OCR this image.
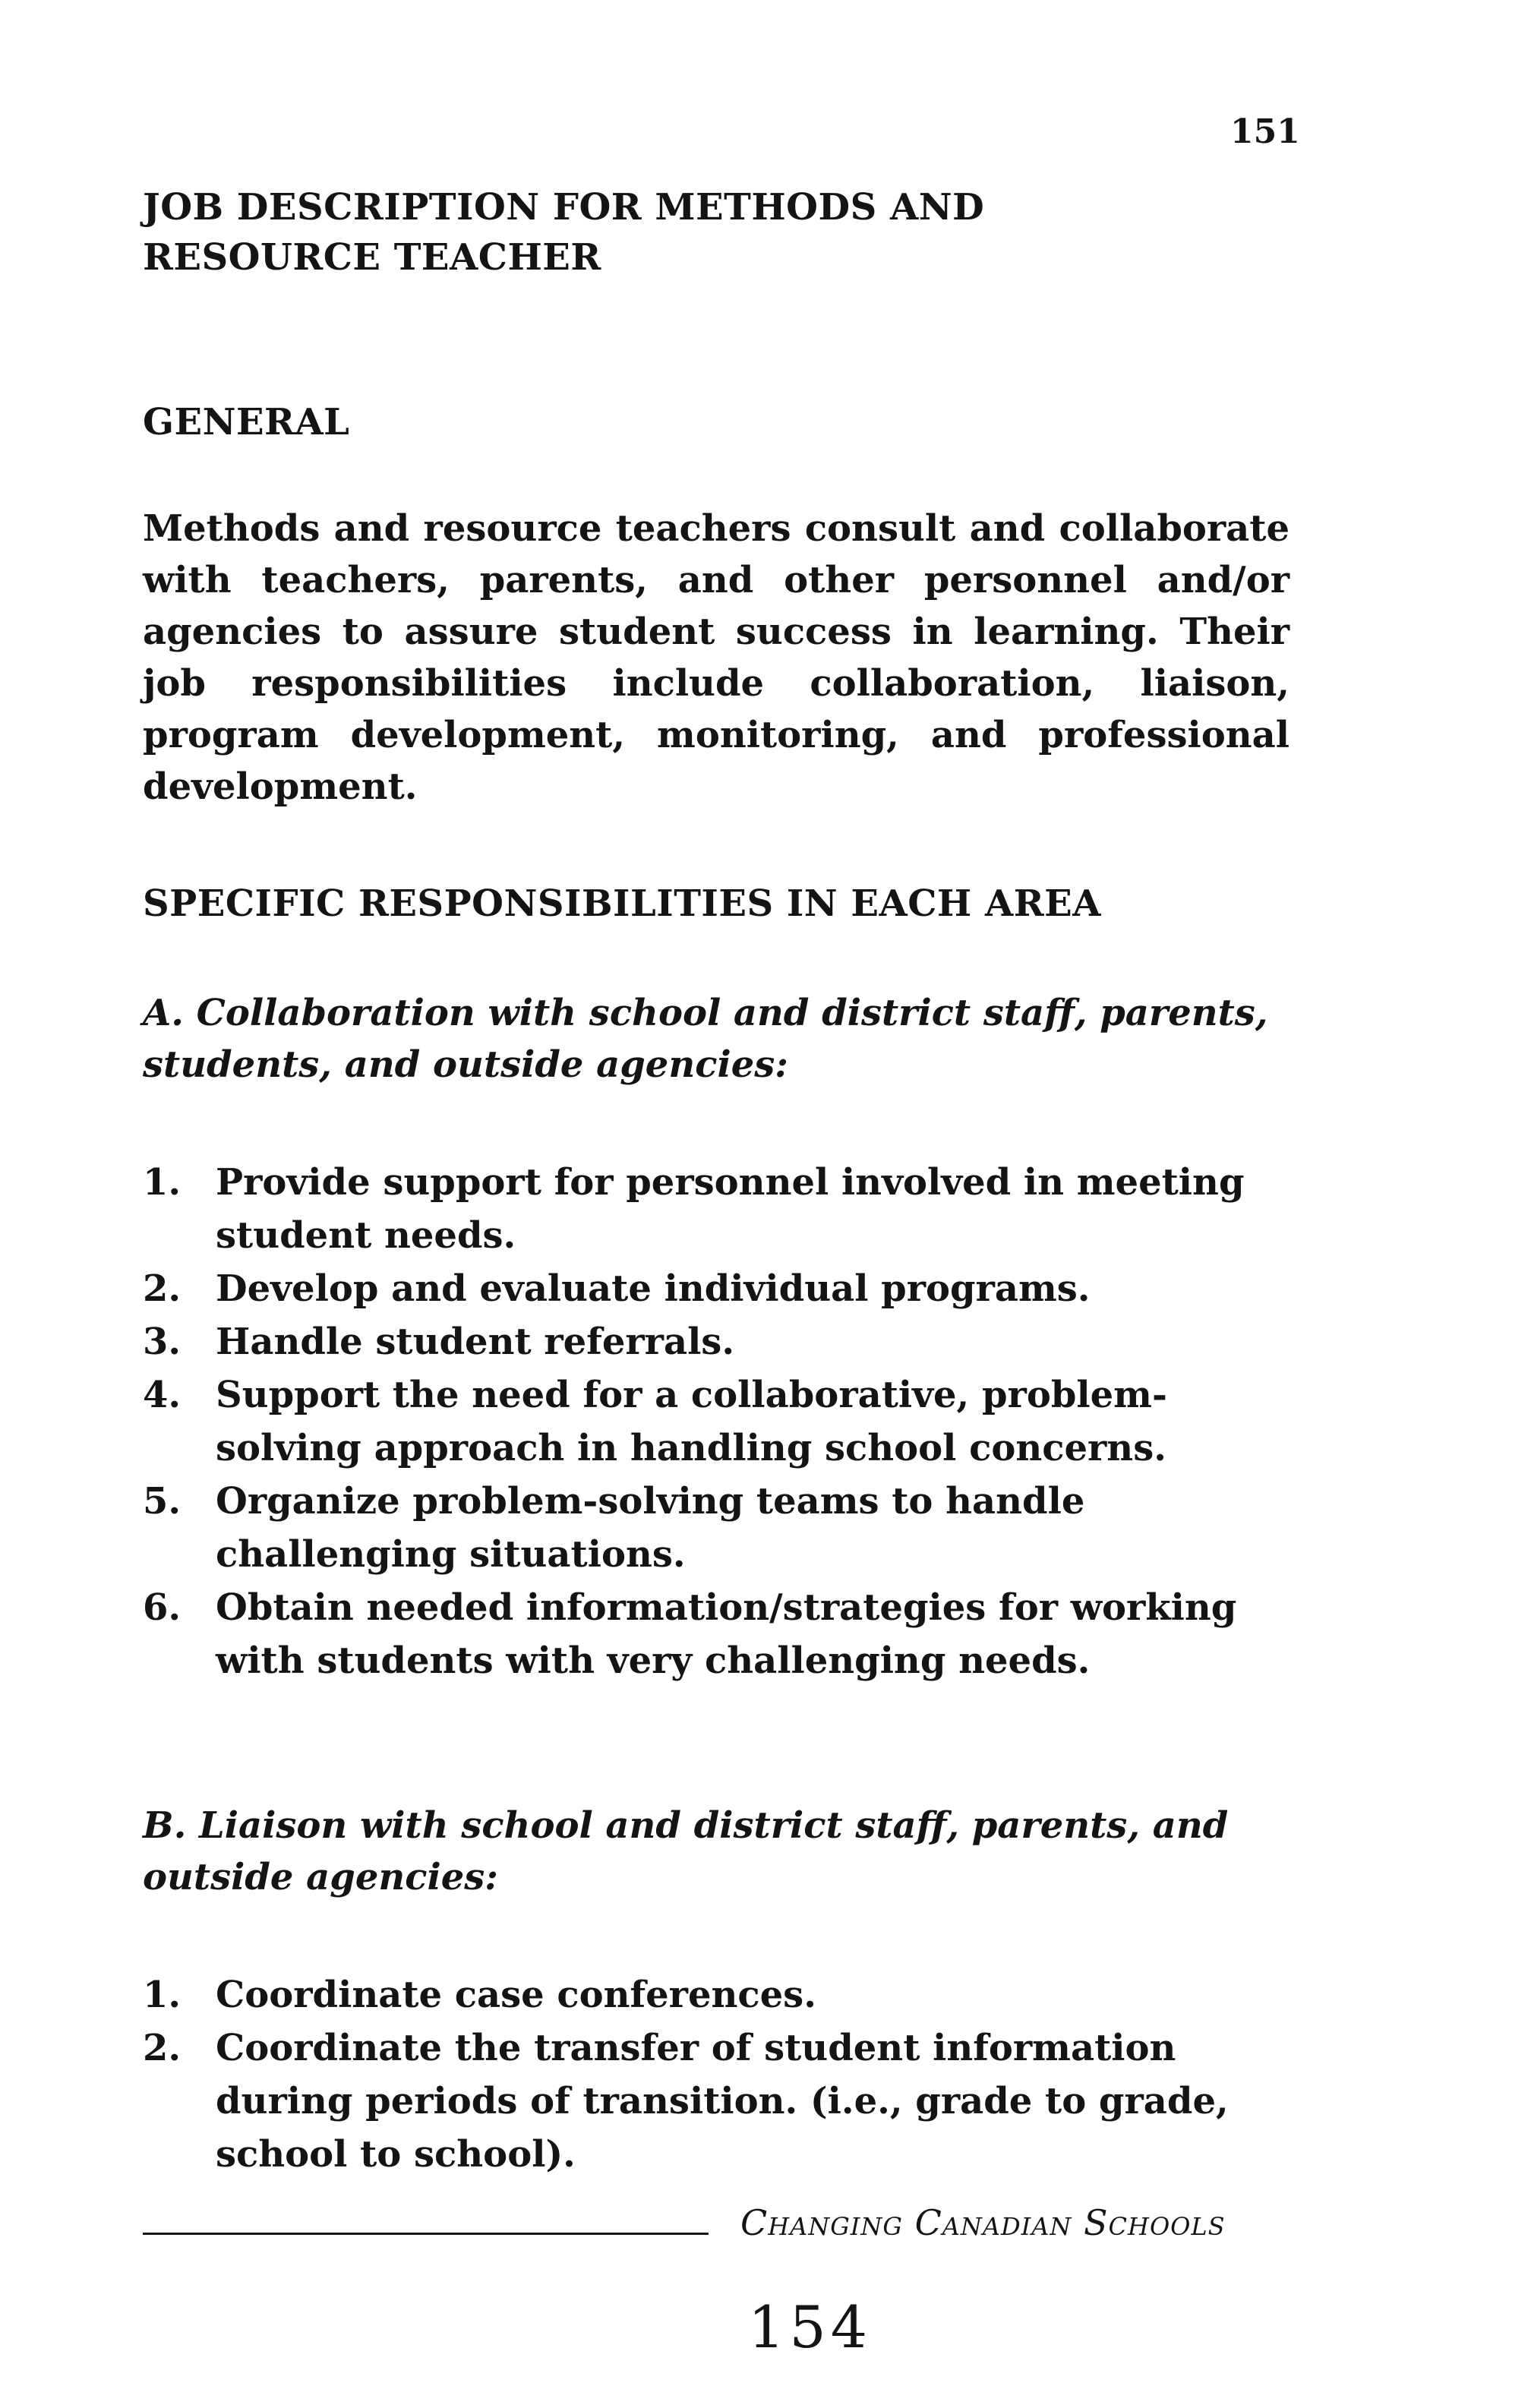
151
JOB DESCRIPTION FOR METHODS AND
RESOURCE TEACHER
GENERAL
Methods and resource teachers consult and collaborate with teachers, parents, and other personnel and/or agencies to assure student success in learning. Their job responsibilities include collaboration, liaison, program development, monitoring, and professional development.
SPECIFIC RESPONSIBILITIES IN EACH AREA
A. Collaboration with school and district staff, parents, students, and outside agencies:
1. Provide support for personnel involved in meeting student needs.
2. Develop and evaluate individual programs.
3. Handle student referrals.
4. Support the need for a collaborative, problem-solving approach in handling school concerns.
5. Organize problem-solving teams to handle challenging situations.
6. Obtain needed information/strategies for working with students with very challenging needs.
B. Liaison with school and district staff, parents, and outside agencies:
1. Coordinate case conferences.
2. Coordinate the transfer of student information during periods of transition. (i.e., grade to grade, school to school).
Changing Canadian Schools
154
